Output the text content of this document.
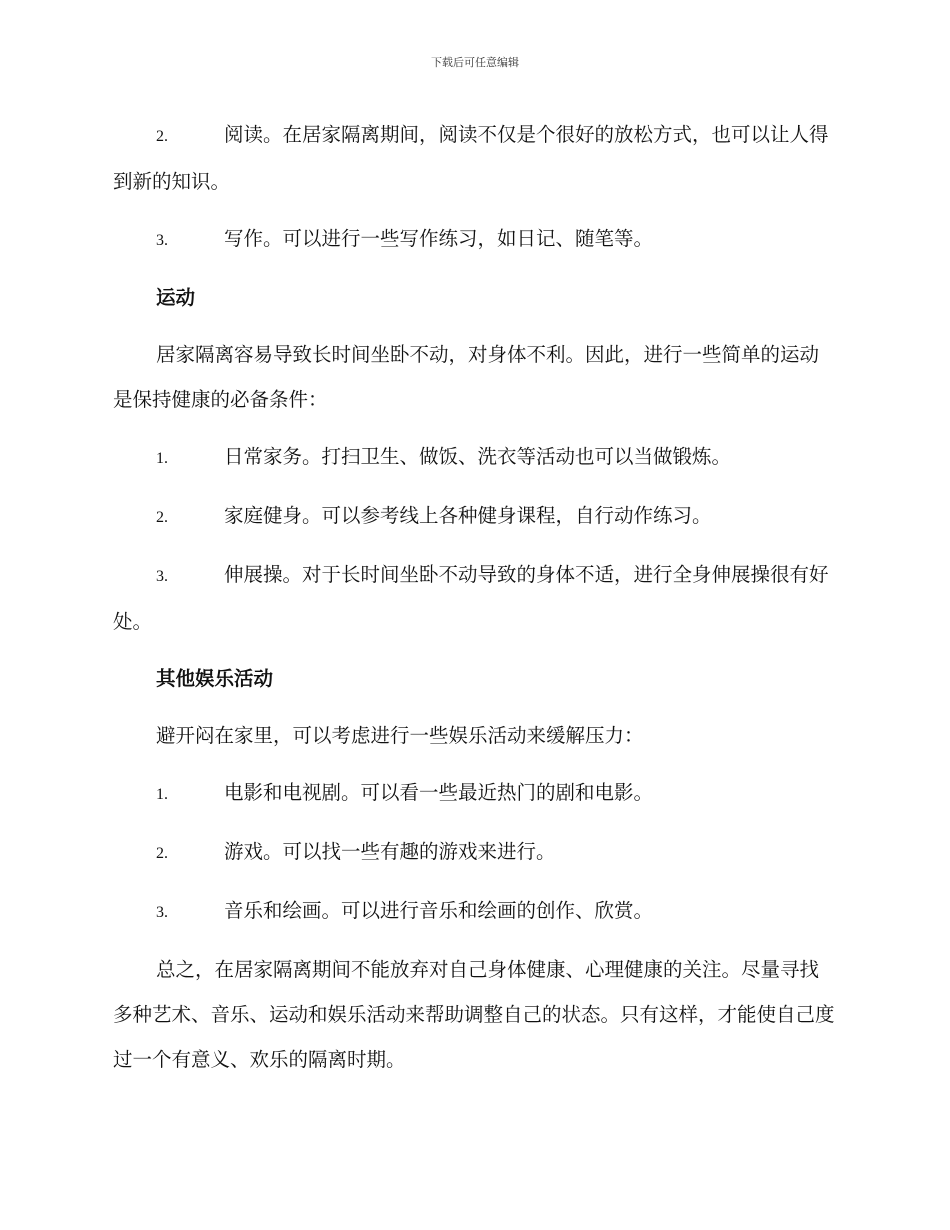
下载后可任意编辑
2.	阅读。在居家隔离期间，阅读不仅是个很好的放松方式，也可以让人得到新的知识。
3.	写作。可以进行一些写作练习，如日记、随笔等。
运动
居家隔离容易导致长时间坐卧不动，对身体不利。因此，进行一些简单的运动是保持健康的必备条件：
1.	日常家务。打扫卫生、做饭、洗衣等活动也可以当做锻炼。
2.	家庭健身。可以参考线上各种健身课程，自行动作练习。
3.	伸展操。对于长时间坐卧不动导致的身体不适，进行全身伸展操很有好处。
其他娱乐活动
避开闷在家里，可以考虑进行一些娱乐活动来缓解压力：
1.	电影和电视剧。可以看一些最近热门的剧和电影。
2.	游戏。可以找一些有趣的游戏来进行。
3.	音乐和绘画。可以进行音乐和绘画的创作、欣赏。
总之，在居家隔离期间不能放弃对自己身体健康、心理健康的关注。尽量寻找多种艺术、音乐、运动和娱乐活动来帮助调整自己的状态。只有这样，才能使自己度过一个有意义、欢乐的隔离时期。
